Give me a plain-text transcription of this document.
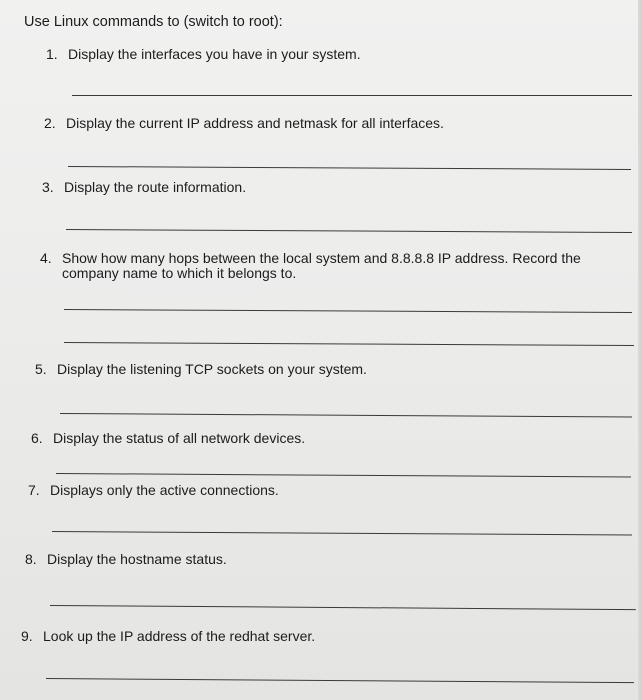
Use Linux commands to (switch to root):
1. Display the interfaces you have in your system.
2. Display the current IP address and netmask for all interfaces.
3. Display the route information.
4. Show how many hops between the local system and 8.8.8.8 IP address. Record the company name to which it belongs to.
5. Display the listening TCP sockets on your system.
6. Display the status of all network devices.
7. Displays only the active connections.
8. Display the hostname status.
9. Look up the IP address of the redhat server.
